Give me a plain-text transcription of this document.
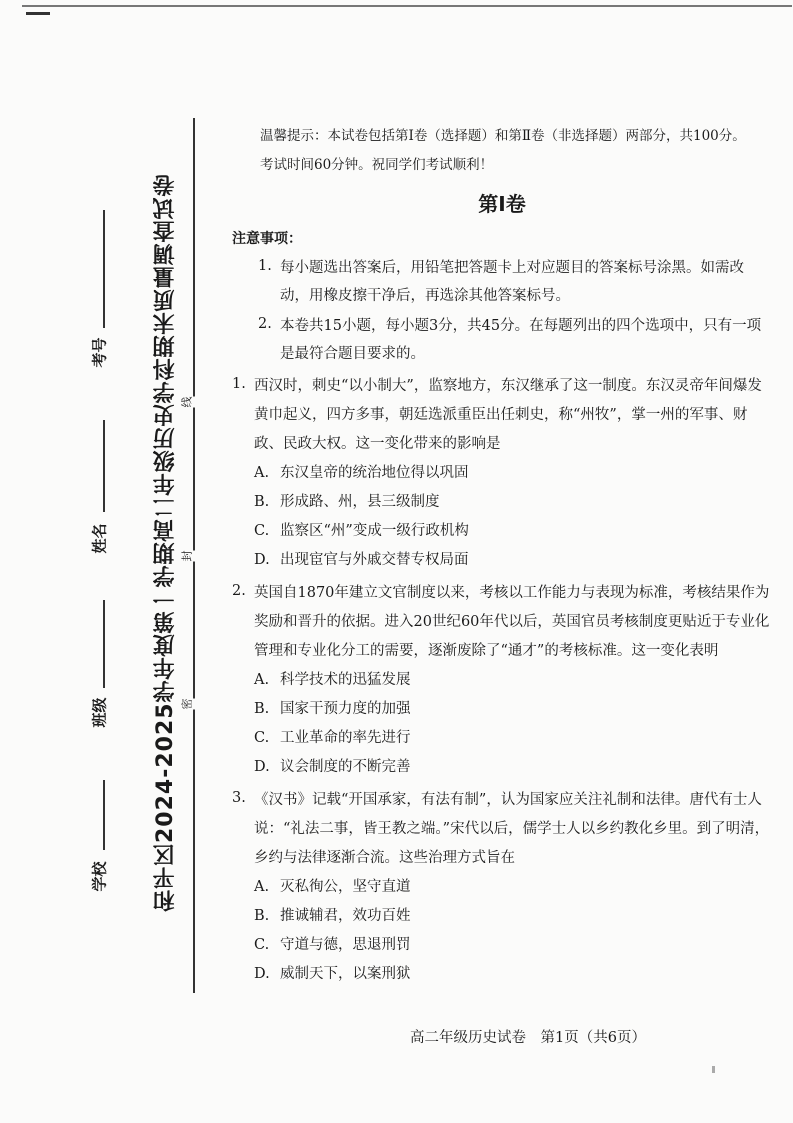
线
封
密
学校
班级
姓名
考号 和平区2024-2025学年度第一学期高二年级历史学科期末质量调查试卷
温馨提示：本试卷包括第Ⅰ卷（选择题）和第Ⅱ卷（非选择题）两部分，共100分。
考试时间60分钟。祝同学们考试顺利！
第Ⅰ卷
注意事项：
1. 每小题选出答案后，用铅笔把答题卡上对应题目的答案标号涂黑。如需改动，用橡皮擦干净后，再选涂其他答案标号。
2. 本卷共15小题，每小题3分，共45分。在每题列出的四个选项中，只有一项是最符合题目要求的。
1. 西汉时，刺史“以小制大”，监察地方，东汉继承了这一制度。东汉灵帝年间爆发黄巾起义，四方多事，朝廷选派重臣出任刺史，称“州牧”，掌一州的军事、财政、民政大权。这一变化带来的影响是
A. 东汉皇帝的统治地位得以巩固
B. 形成路、州，县三级制度
C. 监察区“州”变成一级行政机构
D. 出现宦官与外戚交替专权局面
2. 英国自1870年建立文官制度以来，考核以工作能力与表现为标准，考核结果作为奖励和晋升的依据。进入20世纪60年代以后，英国官员考核制度更贴近于专业化管理和专业化分工的需要，逐渐废除了“通才”的考核标准。这一变化表明
A. 科学技术的迅猛发展
B. 国家干预力度的加强
C. 工业革命的率先进行
D. 议会制度的不断完善
3. 《汉书》记载“开国承家，有法有制”，认为国家应关注礼制和法律。唐代有士人说：“礼法二事，皆王教之端。”宋代以后，儒学士人以乡约教化乡里。到了明清，乡约与法律逐渐合流。这些治理方式旨在
A. 灭私徇公，坚守直道
B. 推诚辅君，效功百姓
C. 守道与德，思退刑罚
D. 威制天下，以案刑狱
高二年级历史试卷　第1页（共6页）
